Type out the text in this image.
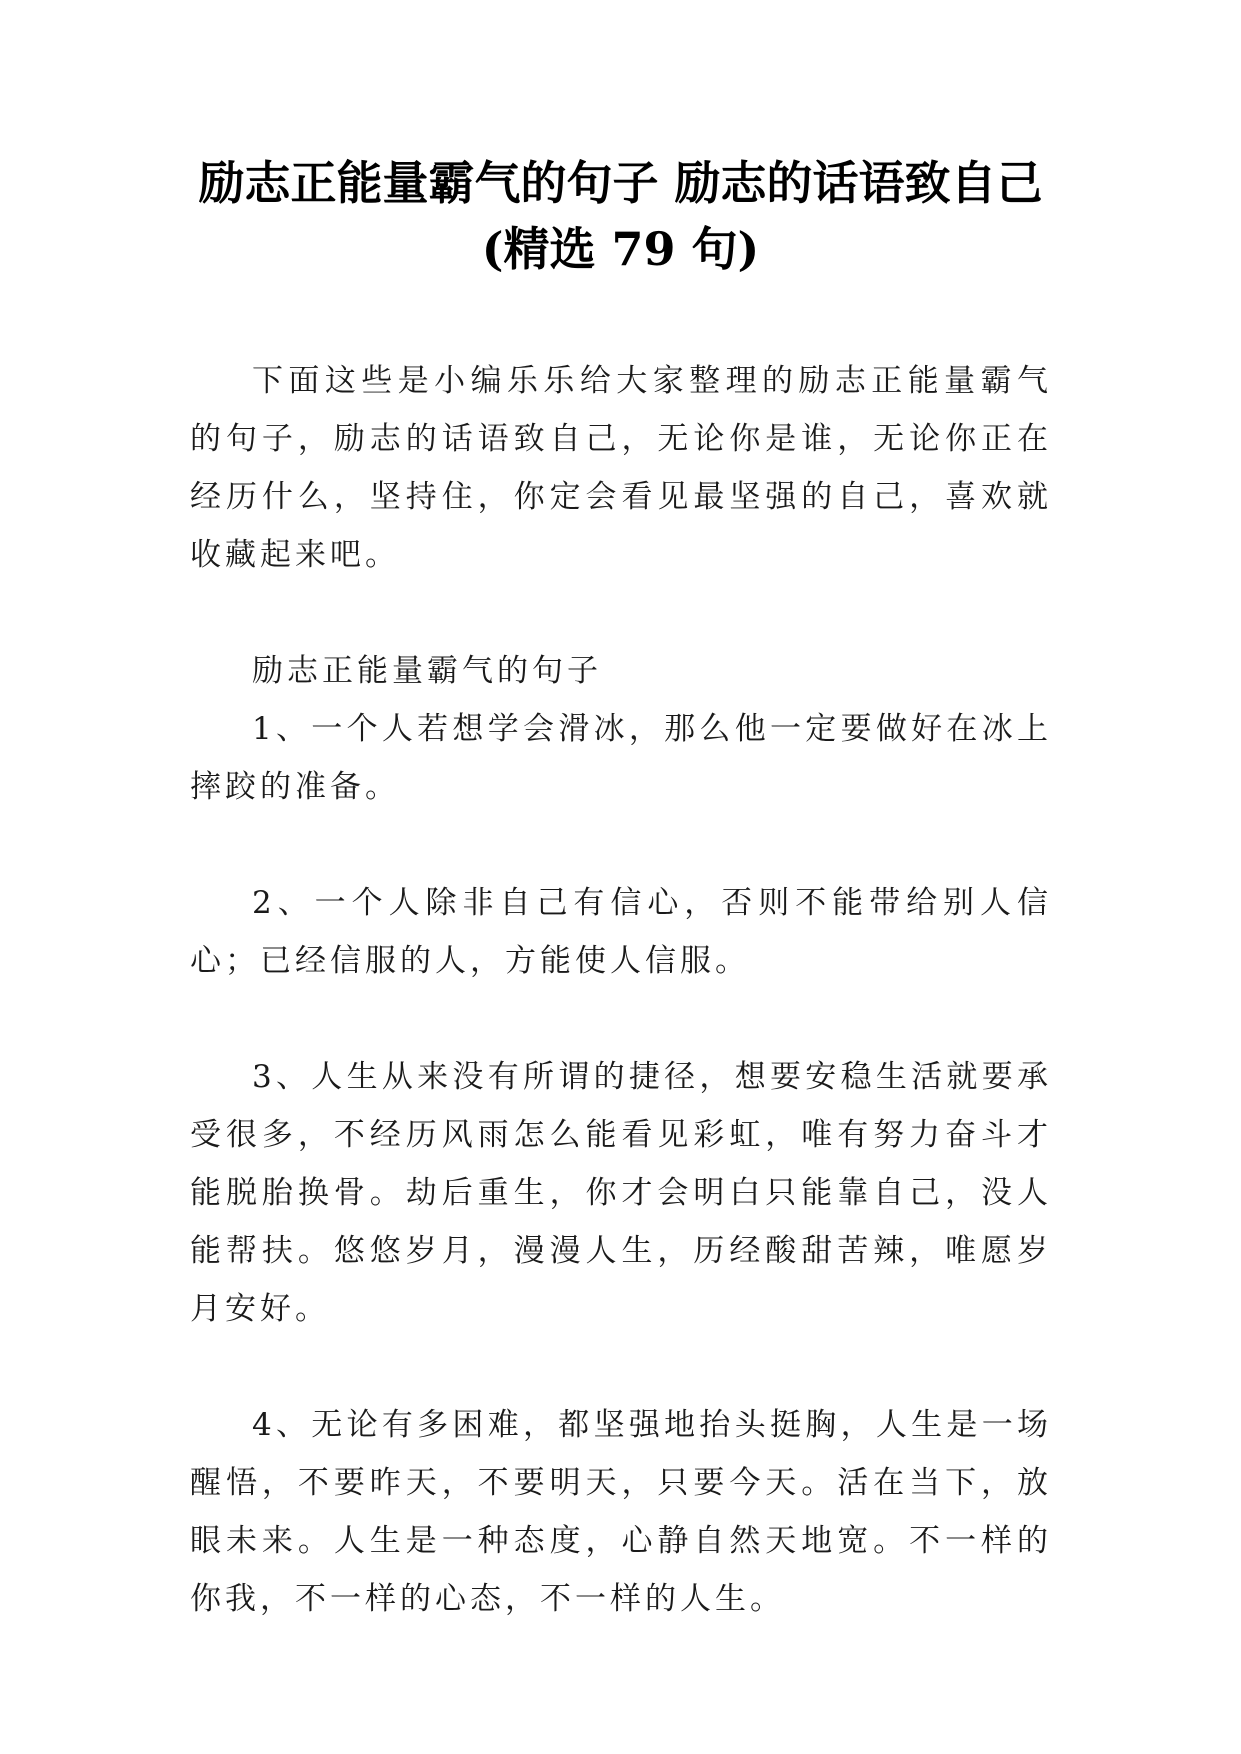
励志正能量霸气的句子 励志的话语致自己
(精选 79 句)

下面这些是小编乐乐给大家整理的励志正能量霸气的句子，励志的话语致自己，无论你是谁，无论你正在经历什么，坚持住，你定会看见最坚强的自己，喜欢就收藏起来吧。

励志正能量霸气的句子

1、一个人若想学会滑冰，那么他一定要做好在冰上摔跤的准备。

2、一个人除非自己有信心，否则不能带给别人信心；已经信服的人，方能使人信服。

3、人生从来没有所谓的捷径，想要安稳生活就要承受很多，不经历风雨怎么能看见彩虹，唯有努力奋斗才能脱胎换骨。劫后重生，你才会明白只能靠自己，没人能帮扶。悠悠岁月，漫漫人生，历经酸甜苦辣，唯愿岁月安好。

4、无论有多困难，都坚强地抬头挺胸，人生是一场醒悟，不要昨天，不要明天，只要今天。活在当下，放眼未来。人生是一种态度，心静自然天地宽。不一样的你我，不一样的心态，不一样的人生。
